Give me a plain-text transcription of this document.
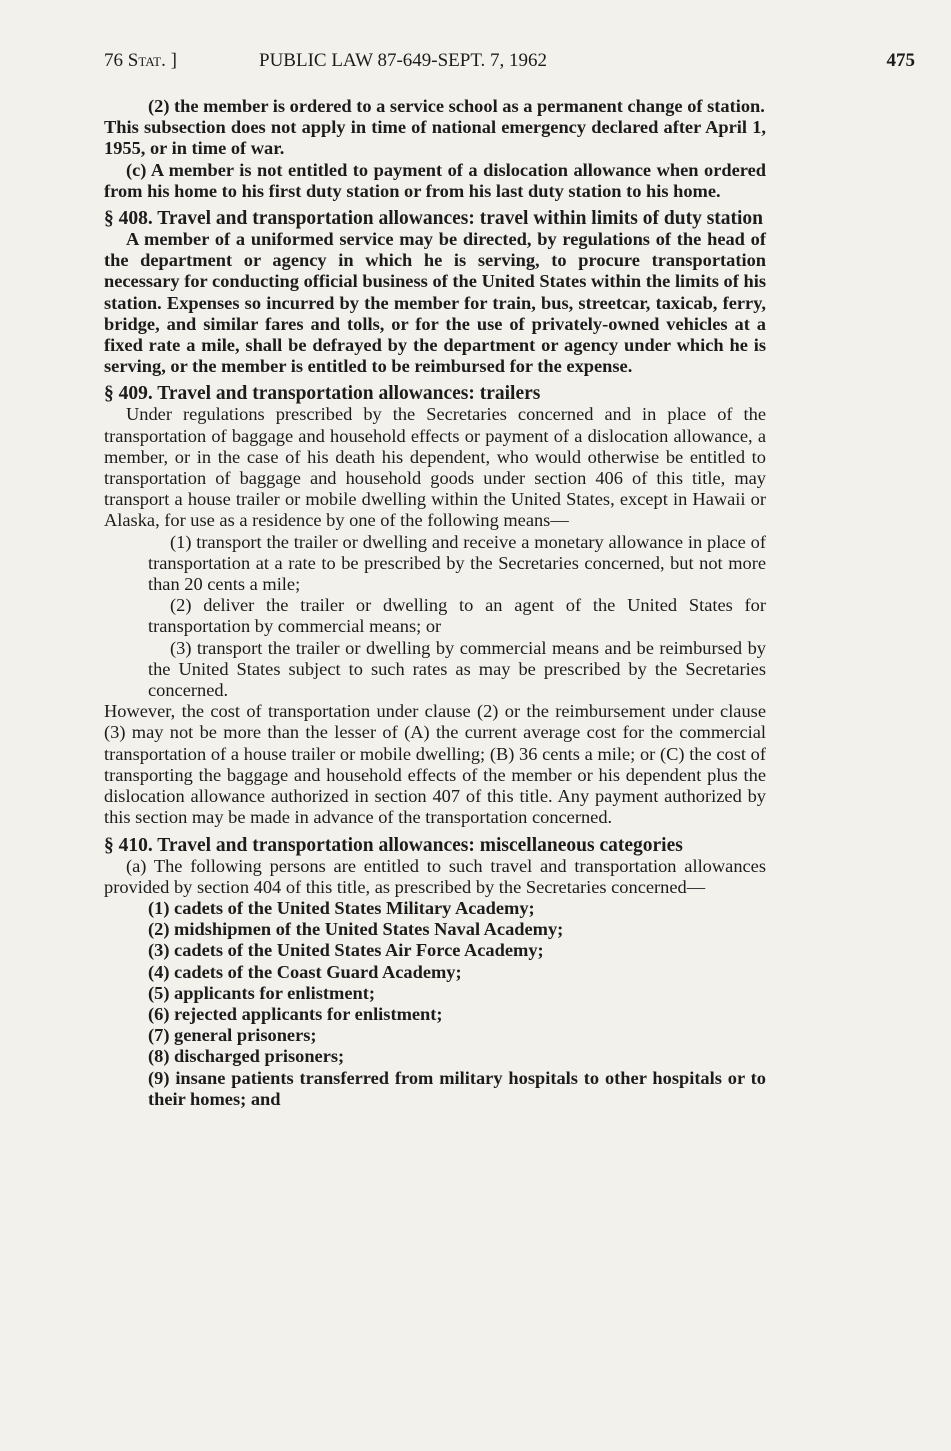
76 Stat. ]	PUBLIC LAW 87-649-SEPT. 7, 1962	475

(2) the member is ordered to a service school as a permanent change of station.

This subsection does not apply in time of national emergency declared after April 1, 1955, or in time of war.

(c) A member is not entitled to payment of a dislocation allowance when ordered from his home to his first duty station or from his last duty station to his home.

§ 408. Travel and transportation allowances: travel within limits of duty station

A member of a uniformed service may be directed, by regulations of the head of the department or agency in which he is serving, to procure transportation necessary for conducting official business of the United States within the limits of his station. Expenses so incurred by the member for train, bus, streetcar, taxicab, ferry, bridge, and similar fares and tolls, or for the use of privately-owned vehicles at a fixed rate a mile, shall be defrayed by the department or agency under which he is serving, or the member is entitled to be reimbursed for the expense.

§ 409. Travel and transportation allowances: trailers

Under regulations prescribed by the Secretaries concerned and in place of the transportation of baggage and household effects or payment of a dislocation allowance, a member, or in the case of his death his dependent, who would otherwise be entitled to transportation of baggage and household goods under section 406 of this title, may transport a house trailer or mobile dwelling within the United States, except in Hawaii or Alaska, for use as a residence by one of the following means—

(1) transport the trailer or dwelling and receive a monetary allowance in place of transportation at a rate to be prescribed by the Secretaries concerned, but not more than 20 cents a mile;

(2) deliver the trailer or dwelling to an agent of the United States for transportation by commercial means; or

(3) transport the trailer or dwelling by commercial means and be reimbursed by the United States subject to such rates as may be prescribed by the Secretaries concerned.

However, the cost of transportation under clause (2) or the reimbursement under clause (3) may not be more than the lesser of (A) the current average cost for the commercial transportation of a house trailer or mobile dwelling; (B) 36 cents a mile; or (C) the cost of transporting the baggage and household effects of the member or his dependent plus the dislocation allowance authorized in section 407 of this title. Any payment authorized by this section may be made in advance of the transportation concerned.

§ 410. Travel and transportation allowances: miscellaneous categories

(a) The following persons are entitled to such travel and transportation allowances provided by section 404 of this title, as prescribed by the Secretaries concerned—

(1) cadets of the United States Military Academy;

(2) midshipmen of the United States Naval Academy;

(3) cadets of the United States Air Force Academy;

(4) cadets of the Coast Guard Academy;

(5) applicants for enlistment;

(6) rejected applicants for enlistment;

(7) general prisoners;

(8) discharged prisoners;

(9) insane patients transferred from military hospitals to other hospitals or to their homes; and
